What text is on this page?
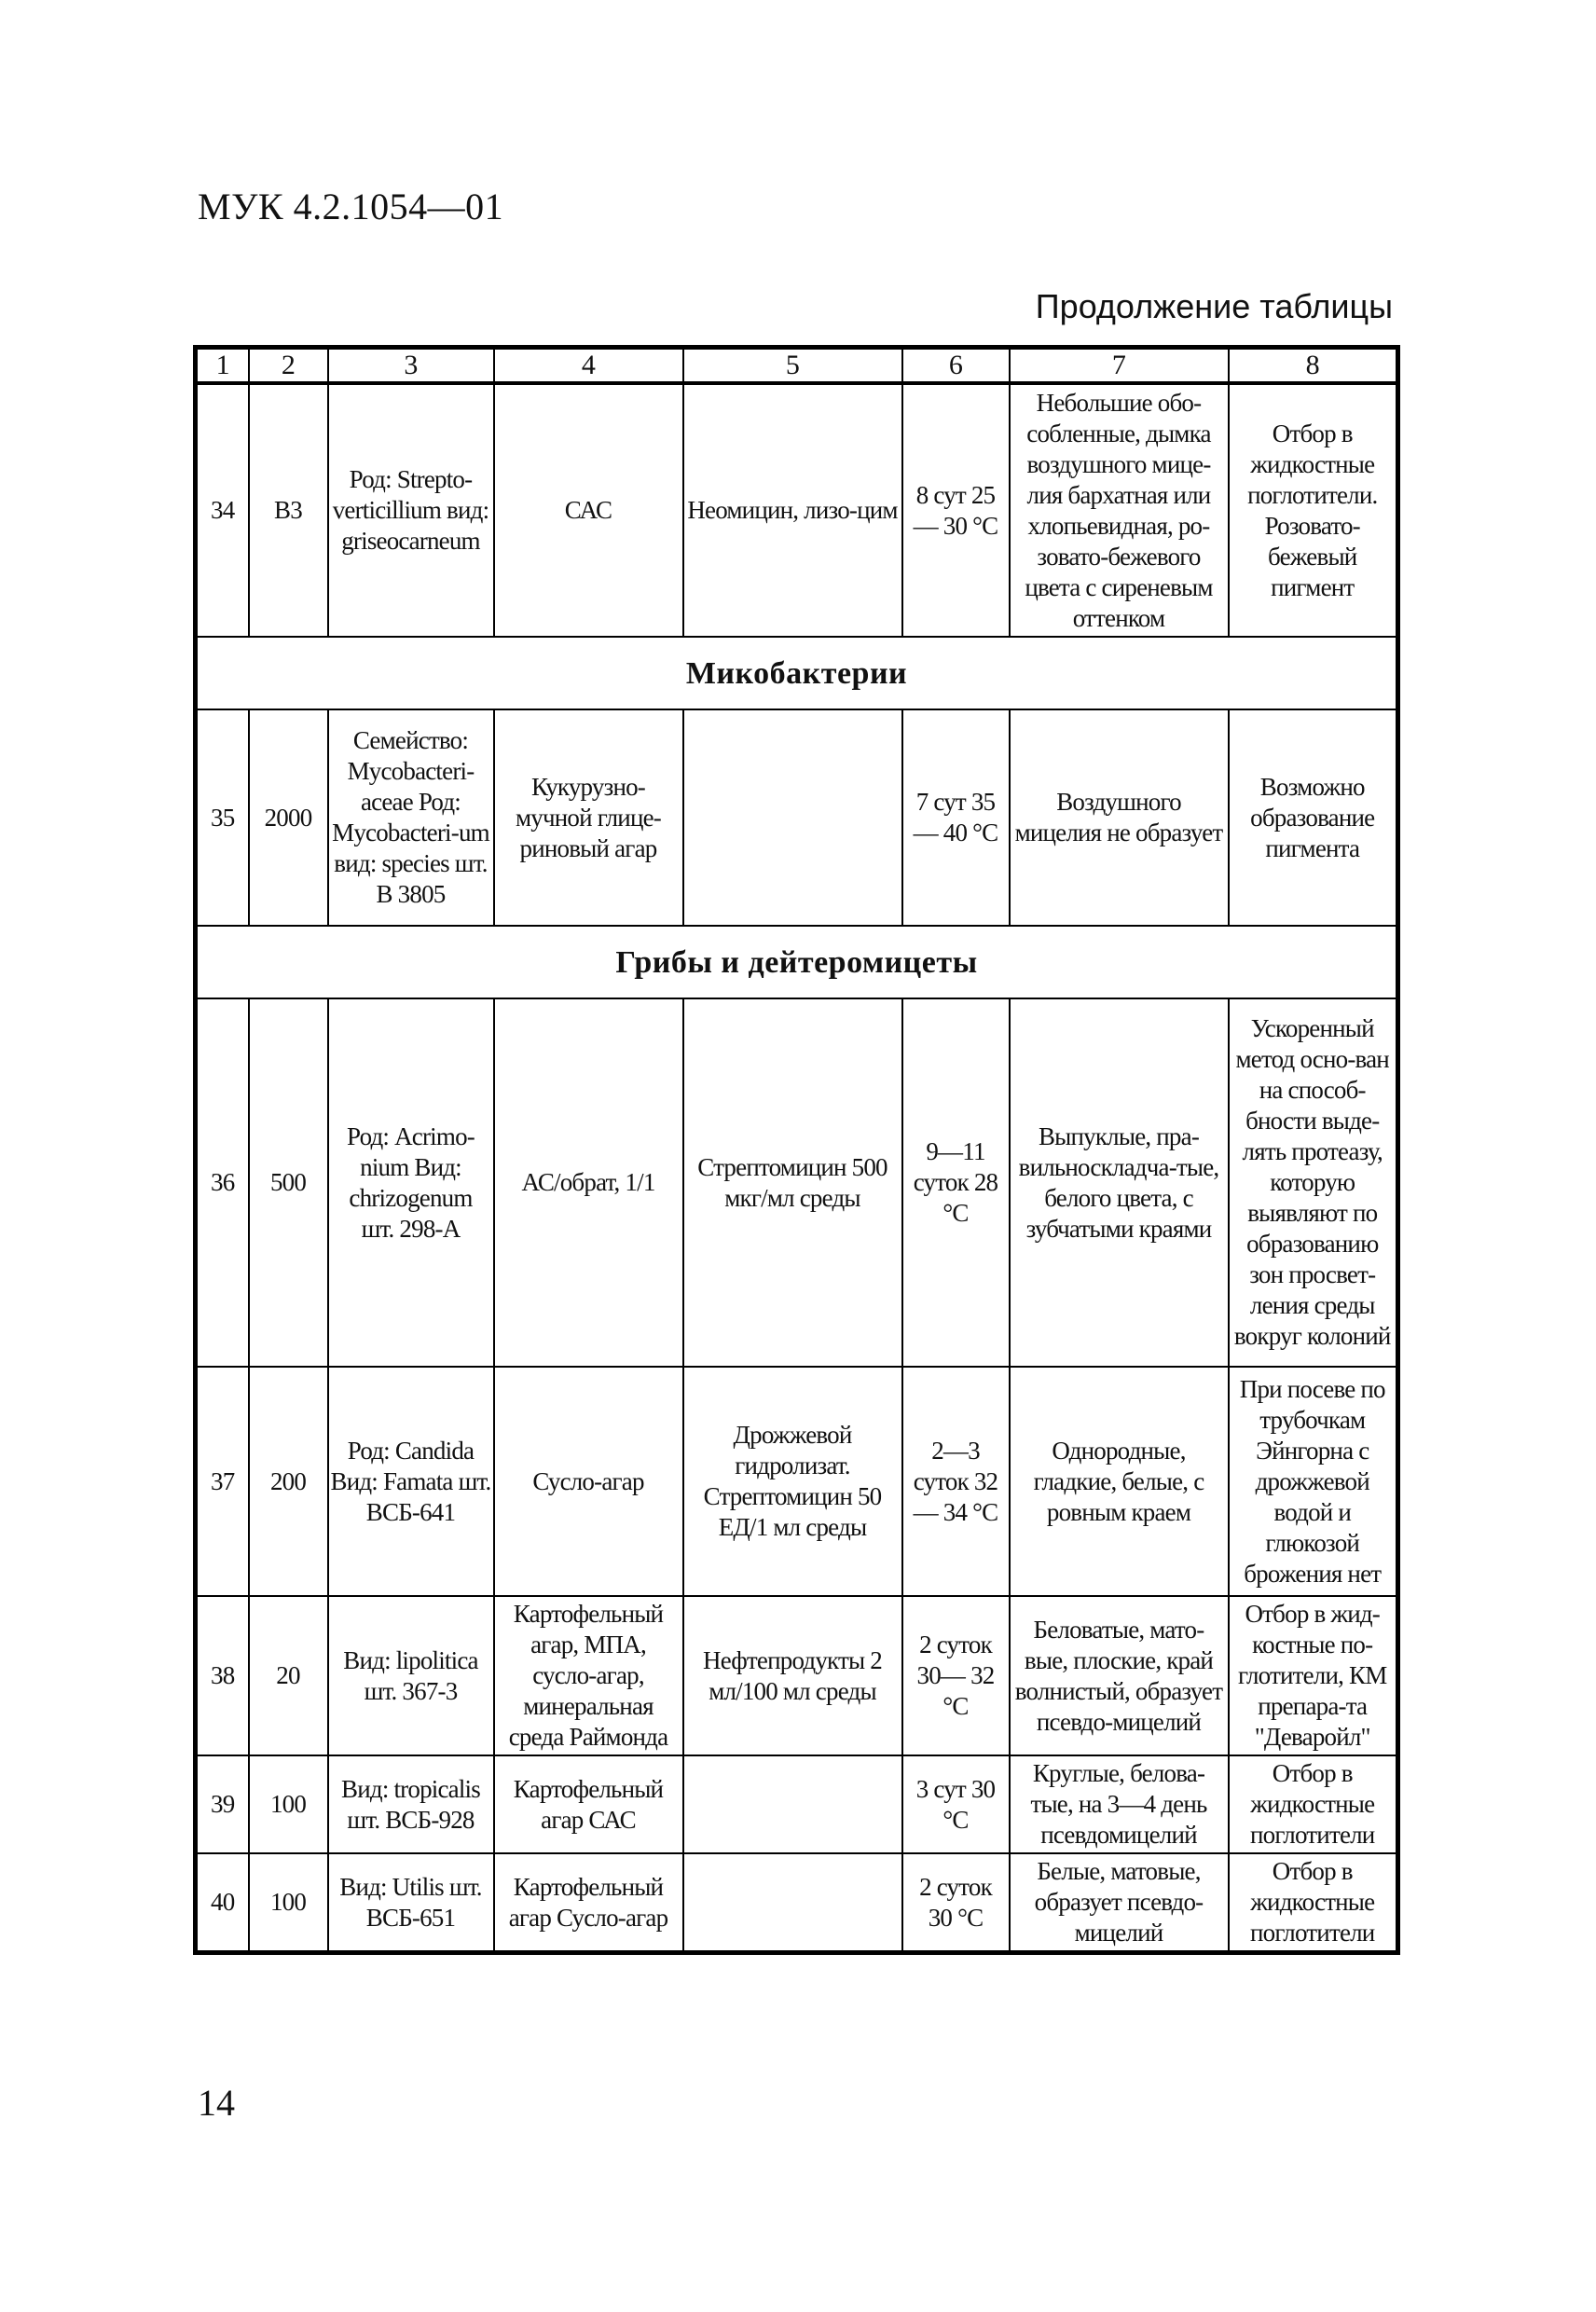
МУК 4.2.1054—01
Продолжение таблицы
1	2	3	4	5	6	7	8
34	В3	Род: Strepto-verticillium вид: griseocarneum	САС	Неомицин, лизо-цим	8 сут 25— 30 °С	Небольшие обо-собленные, дымка воздушного мице-лия бархатная или хлопьевидная, ро-зовато-бежевого цвета с сиреневым оттенком	Отбор в жидкостные поглотители. Розовато-бежевый пигмент
Микобактерии							
35	2000	Семейство: Mycobacteri-aceae Род: Mycobacteri-um вид: species шт. В 3805	Кукурузно-мучной глице-риновый агар		7 сут 35— 40 °С	Воздушного мицелия не образует	Возможно образование пигмента
Грибы и дейтеромицеты							
36	500	Род: Acrimo-nium Вид: chrizogenum шт. 298-А	АС/обрат, 1/1	Стрептомицин 500 мкг/мл среды	9—11 суток 28 °С	Выпуклые, пра-вильноскладча-тые, белого цвета, с зубчатыми краями	Ускоренный метод осно-ван на способ-бности выде-лять протеазу, которую выявляют по образованию зон просвет-ления среды вокруг колоний
37	200	Род: Candida Вид: Famata шт. ВСБ-641	Сусло-агар	Дрожжевой гидролизат. Стрептомицин 50 ЕД/1 мл среды	2—3 суток 32— 34 °С	Однородные, гладкие, белые, с ровным краем	При посеве по трубочкам Эйнгорна с дрожжевой водой и глюкозой брожения нет
38	20	Вид: lipolitica шт. 367-3	Картофельный агар, МПА, сусло-агар, минеральная среда Раймонда	Нефтепродукты 2 мл/100 мл среды	2 суток 30— 32 °С	Беловатые, мато-вые, плоские, край волнистый, образует псевдо-мицелий	Отбор в жид-костные по-глотители, КМ препара-та "Деваройл"
39	100	Вид: tropicalis шт. ВСБ-928	Картофельный агар САС		3 сут 30 °С	Круглые, белова-тые, на 3—4 день псевдомицелий	Отбор в жидкостные поглотители
40	100	Вид: Utilis шт. ВСБ-651	Картофельный агар Сусло-агар		2 суток 30 °С	Белые, матовые, образует псевдо-мицелий	Отбор в жидкостные поглотители
14
